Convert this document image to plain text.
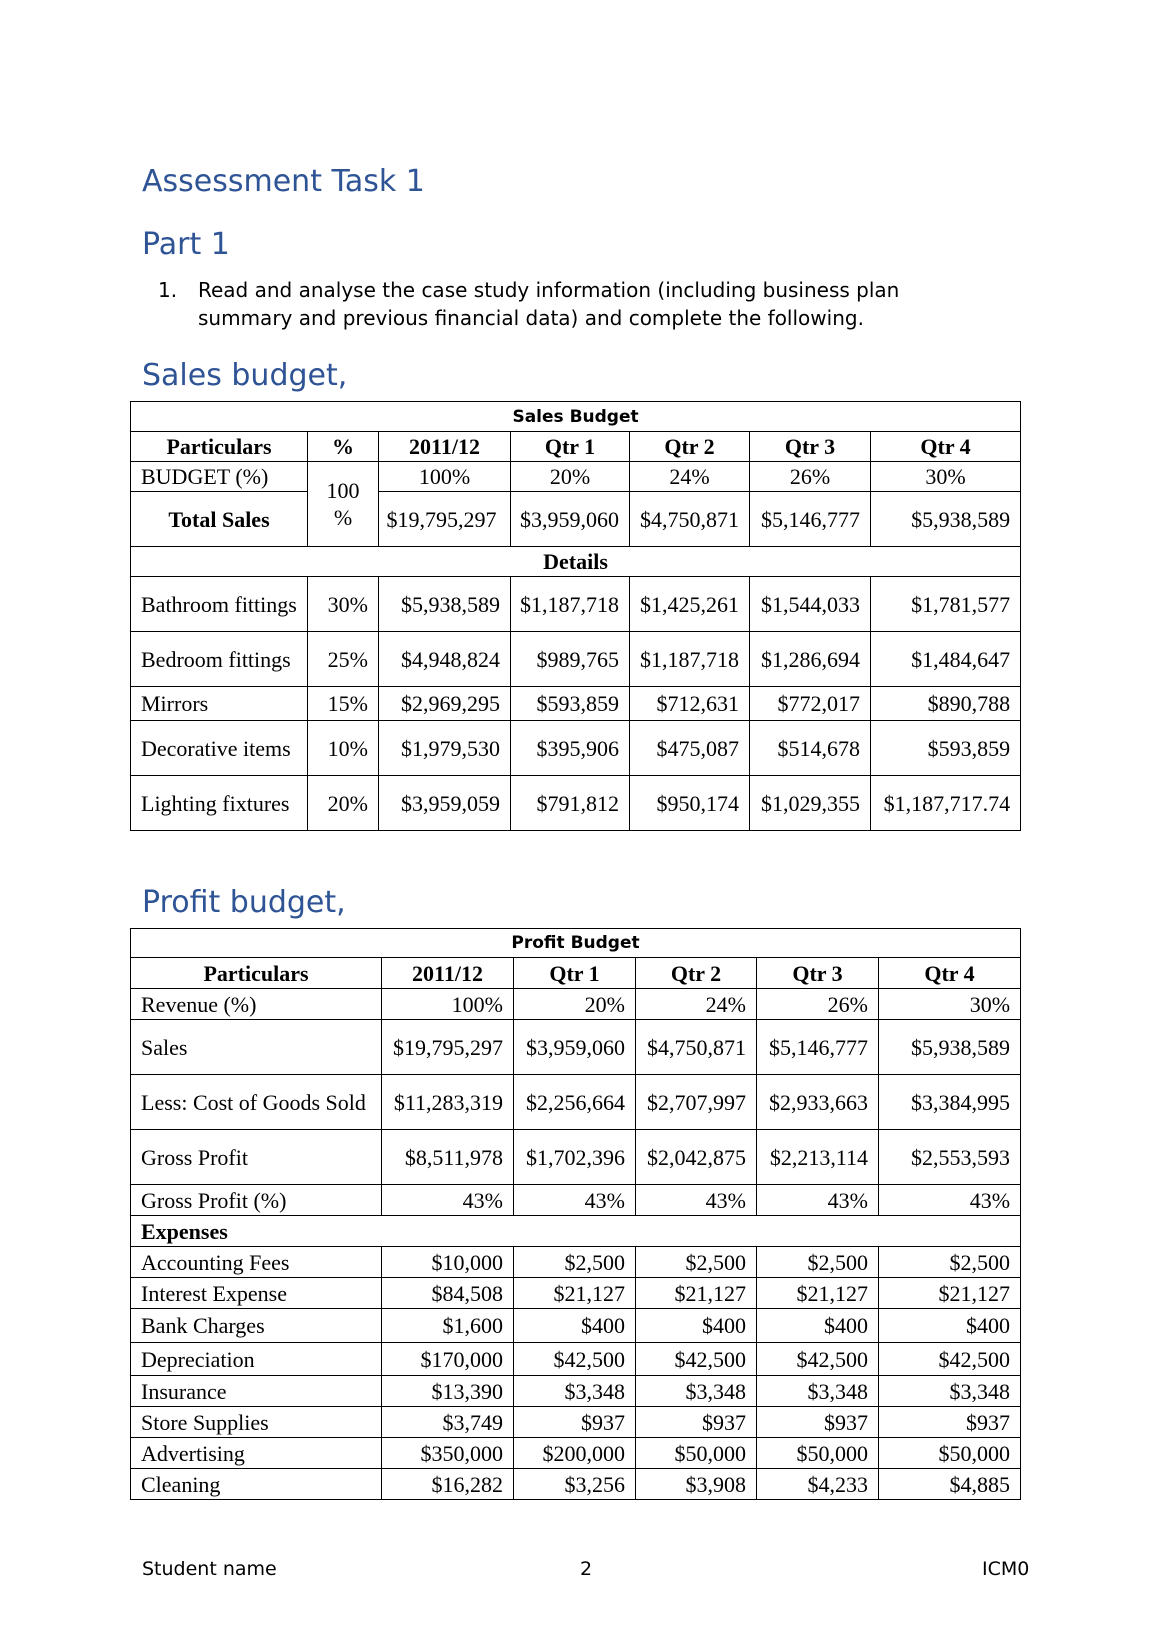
Assessment Task 1
Part 1
1. Read and analyse the case study information (including business plan summary and previous financial data) and complete the following.
Sales budget,
Sales Budget						
Particulars	%	2011/12	Qtr 1	Qtr 2	Qtr 3	Qtr 4
BUDGET (%)	100 %	100%	20%	24%	26%	30%
Total Sales		$19,795,297	$3,959,060	$4,750,871	$5,146,777	$5,938,589
Details						
Bathroom fittings	30%	$5,938,589	$1,187,718	$1,425,261	$1,544,033	$1,781,577
Bedroom fittings	25%	$4,948,824	$989,765	$1,187,718	$1,286,694	$1,484,647
Mirrors	15%	$2,969,295	$593,859	$712,631	$772,017	$890,788
Decorative items	10%	$1,979,530	$395,906	$475,087	$514,678	$593,859
Lighting fixtures	20%	$3,959,059	$791,812	$950,174	$1,029,355	$1,187,717.74
Profit budget,
Profit Budget					
Particulars	2011/12	Qtr 1	Qtr 2	Qtr 3	Qtr 4
Revenue (%)	100%	20%	24%	26%	30%
Sales	$19,795,297	$3,959,060	$4,750,871	$5,146,777	$5,938,589
Less: Cost of Goods Sold	$11,283,319	$2,256,664	$2,707,997	$2,933,663	$3,384,995
Gross Profit	$8,511,978	$1,702,396	$2,042,875	$2,213,114	$2,553,593
Gross Profit (%)	43%	43%	43%	43%	43%
Expenses					
Accounting Fees	$10,000	$2,500	$2,500	$2,500	$2,500
Interest Expense	$84,508	$21,127	$21,127	$21,127	$21,127
Bank Charges	$1,600	$400	$400	$400	$400
Depreciation	$170,000	$42,500	$42,500	$42,500	$42,500
Insurance	$13,390	$3,348	$3,348	$3,348	$3,348
Store Supplies	$3,749	$937	$937	$937	$937
Advertising	$350,000	$200,000	$50,000	$50,000	$50,000
Cleaning	$16,282	$3,256	$3,908	$4,233	$4,885
Student name	2	ICM0
